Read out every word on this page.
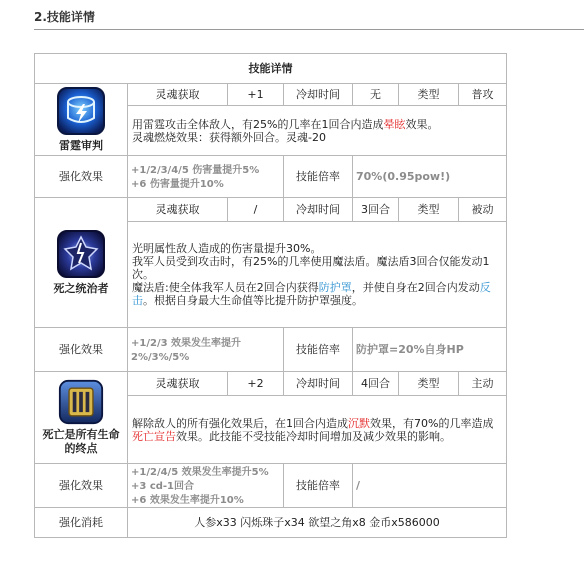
2.技能详情
技能详情						

雷霆审判	灵魂获取	+1	冷却时间	无	类型	普攻
	用雷霆攻击全体敌人，有25%的几率在1回合内造成晕眩效果。
灵魂燃烧效果：获得额外回合。灵魂-20					
强化效果	+1/2/3/4/5 伤害量提升5%
+6 伤害量提升10%		技能倍率	70%(0.95pow!)		

死之统治者	灵魂获取	/	冷却时间	3回合	类型	被动
	光明属性敌人造成的伤害量提升30%。
我军人员受到攻击时，有25%的几率使用魔法盾。魔法盾3回合仅能发动1次。
魔法盾:使全体我军人员在2回合内获得防护罩，并使自身在2回合内发动反击。根据自身最大生命值等比提升防护罩强度。					
强化效果	+1/2/3 效果发生率提升
2%/3%/5%		技能倍率	防护罩=20%自身HP		

死亡是所有生命的终点	灵魂获取	+2	冷却时间	4回合	类型	主动
	解除敌人的所有强化效果后，在1回合内造成沉默效果，有70%的几率造成死亡宣告效果。此技能不受技能冷却时间增加及减少效果的影响。					
强化效果	+1/2/4/5 效果发生率提升5%
+3 cd-1回合
+6 效果发生率提升10%		技能倍率	/		
强化消耗	人参x33 闪烁珠子x34 欲望之角x8 金币x586000					
